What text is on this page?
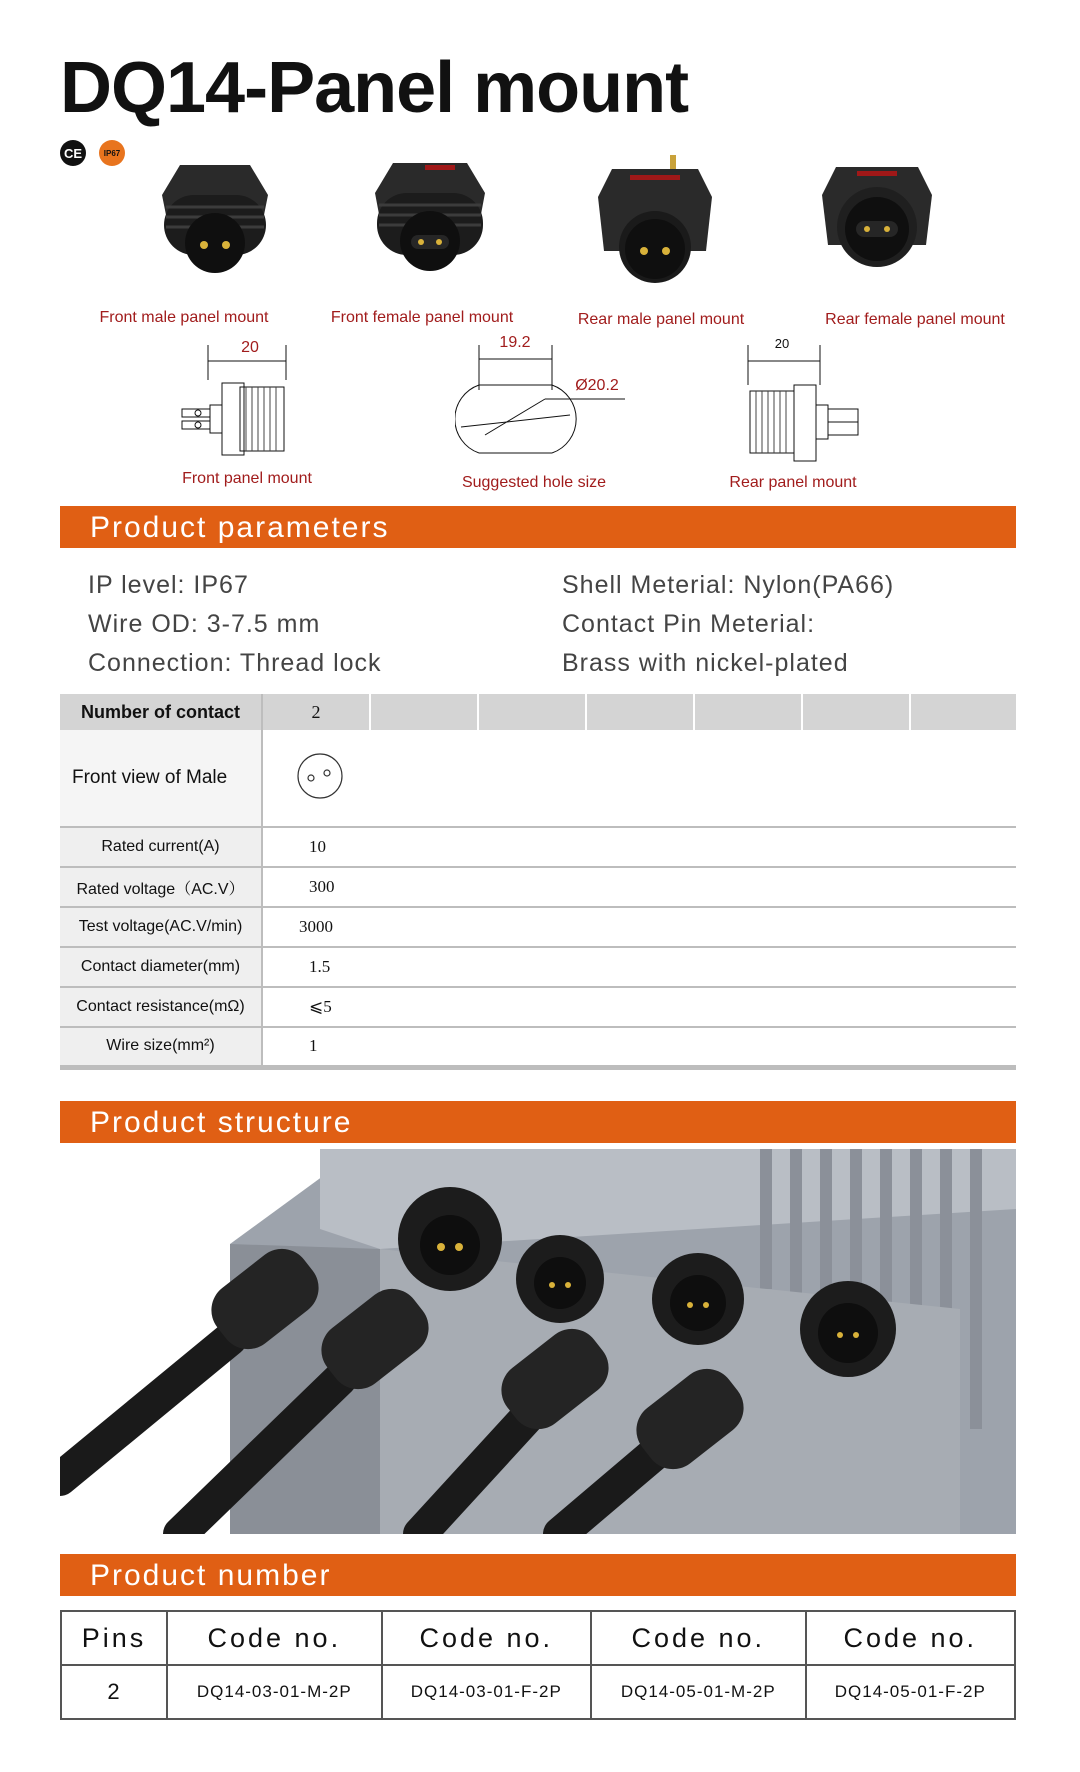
DQ14-Panel mount
CE	IP67
Front male panel mount	Front female panel mount	Rear male panel mount	Rear female panel mount
20	19.2
Ø20.2
20
Front panel mount	Suggested hole size	Rear panel mount
Product parameters
IP level: IP67
Wire OD: 3-7.5 mm
Connection: Thread lock
Shell Meterial: Nylon(PA66)
Contact Pin Meterial:
Brass with nickel-plated
Number of contact	2						
Front view of Male	
Rated current(A)	10						
Rated voltage（AC.V）	300						
Test voltage(AC.V/min)	3000						
Contact diameter(mm)	1.5						
Contact resistance(mΩ)	⩽5						
Wire size(mm²)	1						
Product structure
Product number
Pins	Code no.	Code no.	Code no.	Code no.
2	DQ14-03-01-M-2P	DQ14-03-01-F-2P	DQ14-05-01-M-2P	DQ14-05-01-F-2P
